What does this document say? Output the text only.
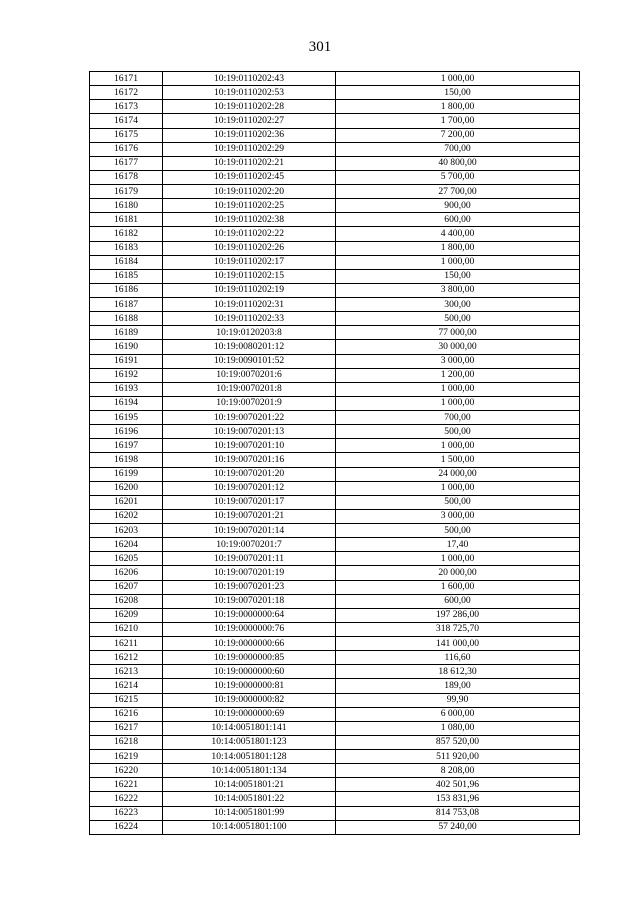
301
16171	10:19:0110202:43	1 000,00
16172	10:19:0110202:53	150,00
16173	10:19:0110202:28	1 800,00
16174	10:19:0110202:27	1 700,00
16175	10:19:0110202:36	7 200,00
16176	10:19:0110202:29	700,00
16177	10:19:0110202:21	40 800,00
16178	10:19:0110202:45	5 700,00
16179	10:19:0110202:20	27 700,00
16180	10:19:0110202:25	900,00
16181	10:19:0110202:38	600,00
16182	10:19:0110202:22	4 400,00
16183	10:19:0110202:26	1 800,00
16184	10:19:0110202:17	1 000,00
16185	10:19:0110202:15	150,00
16186	10:19:0110202:19	3 800,00
16187	10:19:0110202:31	300,00
16188	10:19:0110202:33	500,00
16189	10:19:0120203:8	77 000,00
16190	10:19:0080201:12	30 000,00
16191	10:19:0090101:52	3 000,00
16192	10:19:0070201:6	1 200,00
16193	10:19:0070201:8	1 000,00
16194	10:19:0070201:9	1 000,00
16195	10:19:0070201:22	700,00
16196	10:19:0070201:13	500,00
16197	10:19:0070201:10	1 000,00
16198	10:19:0070201:16	1 500,00
16199	10:19:0070201:20	24 000,00
16200	10:19:0070201:12	1 000,00
16201	10:19:0070201:17	500,00
16202	10:19:0070201:21	3 000,00
16203	10:19:0070201:14	500,00
16204	10:19:0070201:7	17,40
16205	10:19:0070201:11	1 000,00
16206	10:19:0070201:19	20 000,00
16207	10:19:0070201:23	1 600,00
16208	10:19:0070201:18	600,00
16209	10:19:0000000:64	197 286,00
16210	10:19:0000000:76	318 725,70
16211	10:19:0000000:66	141 000,00
16212	10:19:0000000:85	116,60
16213	10:19:0000000:60	18 612,30
16214	10:19:0000000:81	189,00
16215	10:19:0000000:82	99,90
16216	10:19:0000000:69	6 000,00
16217	10:14:0051801:141	1 080,00
16218	10:14:0051801:123	857 520,00
16219	10:14:0051801:128	511 920,00
16220	10:14:0051801:134	8 208,00
16221	10:14:0051801:21	402 501,96
16222	10:14:0051801:22	153 831,96
16223	10:14:0051801:99	814 753,08
16224	10:14:0051801:100	57 240,00
